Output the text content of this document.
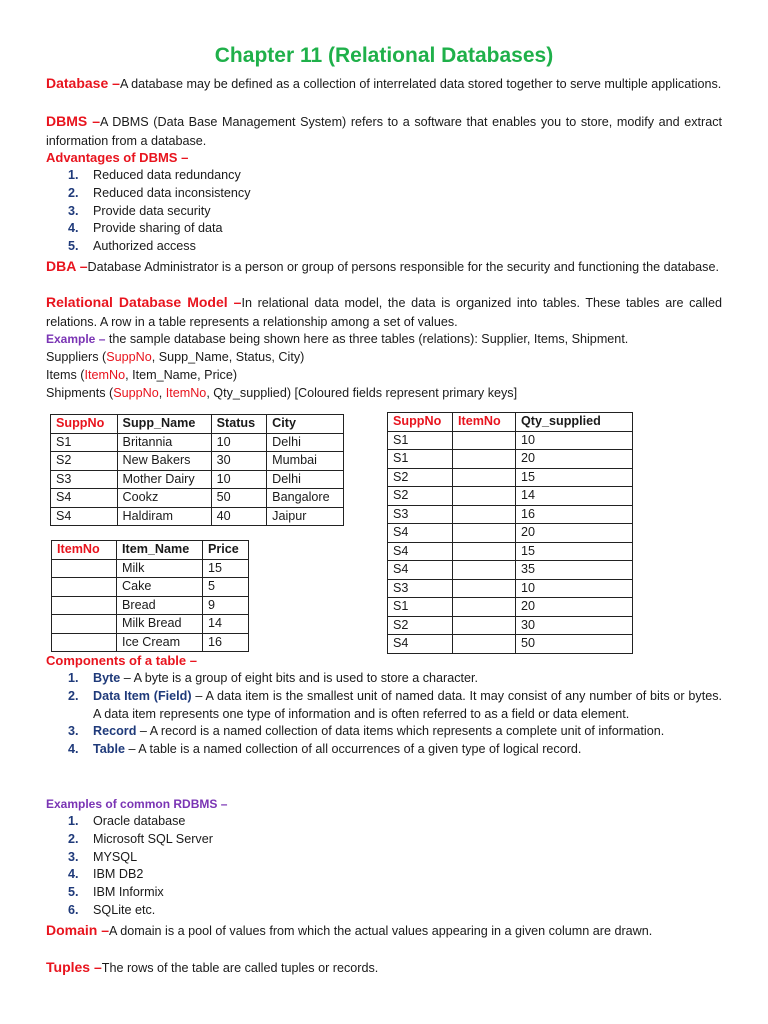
Chapter 11 (Relational Databases)
Database –A database may be defined as a collection of interrelated data stored together to serve multiple applications.
DBMS –A DBMS (Data Base Management System) refers to a software that enables you to store, modify and extract information from a database.
Advantages of DBMS –
1. Reduced data redundancy
2. Reduced data inconsistency
3. Provide data security
4. Provide sharing of data
5. Authorized access
DBA –Database Administrator is a person or group of persons responsible for the security and functioning the database.
Relational Database Model –In relational data model, the data is organized into tables. These tables are called relations. A row in a table represents a relationship among a set of values.
Example – the sample database being shown here as three tables (relations): Supplier, Items, Shipment.
Suppliers (SuppNo, Supp_Name, Status, City)
Items (ItemNo, Item_Name, Price)
Shipments (SuppNo, ItemNo, Qty_supplied) [Coloured fields represent primary keys]
SuppNo	Supp_Name	Status	City
S1	Britannia	10	Delhi
S2	New Bakers	30	Mumbai
S3	Mother Dairy	10	Delhi
S4	Cookz	50	Bangalore
S4	Haldiram	40	Jaipur
ItemNo	Item_Name	Price
	Milk	15
	Cake	5
	Bread	9
	Milk Bread	14
	Ice Cream	16
SuppNo	ItemNo	Qty_supplied
S1		10
S1		20
S2		15
S2		14
S3		16
S4		20
S4		15
S4		35
S3		10
S1		20
S2		30
S4		50
Components of a table –
1. Byte – A byte is a group of eight bits and is used to store a character.
2. Data Item (Field) – A data item is the smallest unit of named data. It may consist of any number of bits or bytes. A data item represents one type of information and is often referred to as a field or data element.
3. Record – A record is a named collection of data items which represents a complete unit of information.
4. Table – A table is a named collection of all occurrences of a given type of logical record.
Examples of common RDBMS –
1. Oracle database
2. Microsoft SQL Server
3. MYSQL
4. IBM DB2
5. IBM Informix
6. SQLite etc.
Domain –A domain is a pool of values from which the actual values appearing in a given column are drawn.
Tuples –The rows of the table are called tuples or records.
